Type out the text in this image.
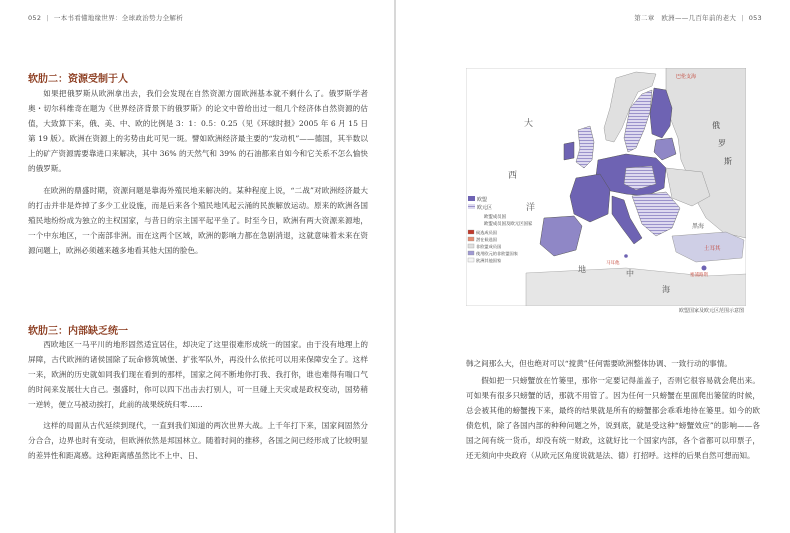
052 | 一本书看懂地缘世界：全球政治势力全解析
软肋二：资源受制于人

如果把俄罗斯从欧洲拿出去，我们会发现在自然资源方面欧洲基本就不剩什么了。俄罗斯学者奥・切尔科维奇在题为《世界经济背景下的俄罗斯》的论文中曾给出过一组几个经济体自然资源的估值，大致算下来，俄、美、中、欧的比例是 3：1：0.5：0.25（见《环球时报》2005 年 6 月 15 日第 19 版）。欧洲在资源上的劣势由此可见一斑。譬如欧洲经济最主要的“发动机”——德国，其半数以上的矿产资源需要靠进口来解决，其中 36% 的天然气和 39% 的石油都来自如今和它关系不怎么愉快的俄罗斯。

在欧洲的鼎盛时期，资源问题是靠海外殖民地来解决的。某种程度上说，“二战”对欧洲经济最大的打击并非是炸掉了多少工业设施，而是后来各个殖民地风起云涌的民族解放运动。原来的欧洲各国殖民地纷纷成为独立的主权国家，与昔日的宗主国平起平坐了。时至今日，欧洲有两大资源来源地，一个中东地区，一个南部非洲。而在这两个区域，欧洲的影响力都在急剧消退，这就意味着未来在资源问题上，欧洲必须越来越多地看其他大国的脸色。

软肋三：内部缺乏统一

西欧地区一马平川的地形固然适宜居住，却决定了这里很难形成统一的国家。由于没有地理上的屏障，古代欧洲的诸侯国除了玩命修筑城堡、扩张军队外，再没什么依托可以用来保障安全了。这样一来，欧洲的历史就如同我们现在看到的那样，国家之间不断地你打我、我打你，谁也难得有喘口气的时间来发展壮大自己。强盛时，你可以四下出击去打别人，可一旦碰上天灾或是政权变动，国势稍一逆转，便立马被动挨打，此前的战果统统归零……

这样的局面从古代延续到现代，一直到我们知道的两次世界大战。上千年打下来，国家间固然分分合合，边界也时有变动，但欧洲依然是邦国林立。随着时间的推移，各国之间已经形成了比较明显的差异性和距离感。这种距离感虽然比不上中、日、

第二章　欧洲——几百年前的老大 | 053
欧盟
欧元区
欧盟成员国
欧盟成员国及欧元区国家
候选成员国
潜在候选国
非欧盟成员国
使用欧元的非欧盟国家
欧洲其他国家
大
西
洋
地	中
海
黑海
俄
罗
斯
巴伦支海
土耳其
马耳他
塞浦路斯
欧盟国家及欧元区范围示意图

韩之间那么大，但也绝对可以“搅黄”任何需要欧洲整体协调、一致行动的事情。

假如把一只螃蟹放在竹篓里，那你一定要记得盖盖子，否则它很容易就会爬出来。可如果有很多只螃蟹的话，那就不用管了。因为任何一只螃蟹在里面爬出篓筐的时候，总会被其他的螃蟹拽下来，最终的结果就是所有的螃蟹都会乖乖地待在篓里。如今的欧债危机，除了各国内部的种种问题之外，说到底，就是受这种“螃蟹效应”的影响——各国之间有统一货币，却没有统一财政，这就好比一个国家内部，各个省都可以印票子，还无须向中央政府（从欧元区角度说就是法、德）打招呼。这样的后果自然可想而知。
